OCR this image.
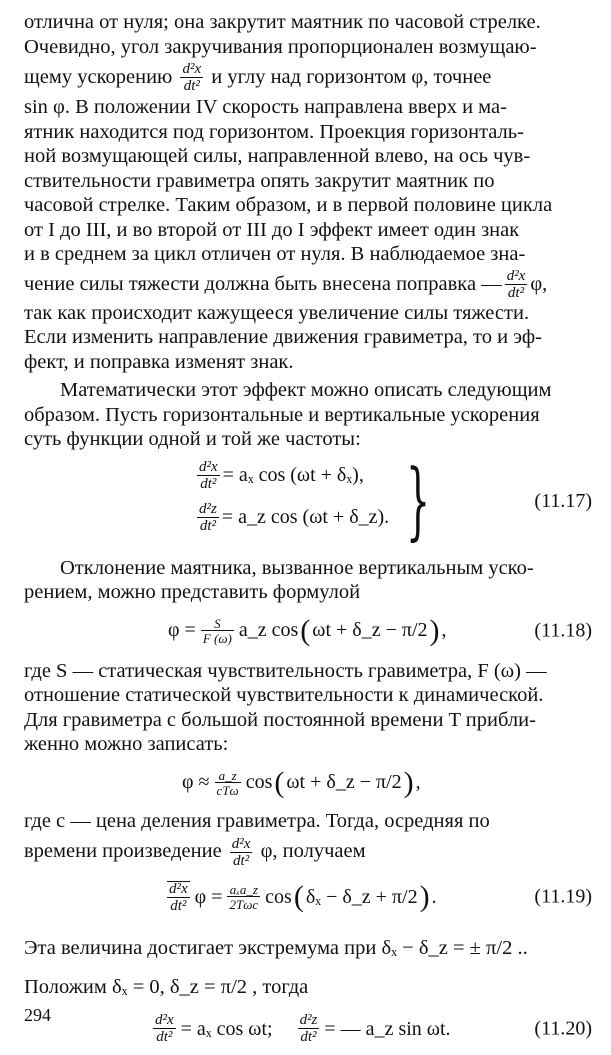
отлична от нуля; она закрутит маятник по часовой стрелке.

Очевидно, угол закручивания пропорционален возмущаю-

щему ускорению $\frac{\text{d²x}}{\text{dt²}}$ и углу над горизонтом φ, точнее

sin φ. В положении IV скорость направлена вверх и ма-

ятник находится под горизонтом. Проекция горизонталь-

ной возмущающей силы, направленной влево, на ось чув-

ствительности гравиметра опять закрутит маятник по

часовой стрелке. Таким образом, и в первой половине цикла

от I до III, и во второй от III до I эффект имеет один знак

и в среднем за цикл отличен от нуля. В наблюдаемое зна-

чение силы тяжести должна быть внесена поправка — $\frac{\text{d²x}}{\text{dt²}} \varphi$,

так как происходит кажущееся увеличение силы тяжести.

Если изменить направление движения гравиметра, то и эф-

фект, и поправка изменят знак.

Математически этот эффект можно описать следующим

образом. Пусть горизонтальные и вертикальные ускорения

суть функции одной и той же частоты:

$\frac{\text{d²x}}{\text{dt²}} = a_x$ cos (ωt + δₓ),
$\frac{\text{d²z}}{\text{dt²}}$ = a_z cos (ωt + δ_z). }	(11.17)

Отклонение маятника, вызванное вертикальным уско-

рением, можно представить формулой

$\varphi = \frac{S}{F (\omega)}$ a_z cos ( ωt + δ_z − π/2 ) ,	(11.18)

где S — статическая чувствительность гравиметра, F (ω) —

отношение статической чувствительности к динамической.

Для гравиметра с большой постоянной времени T прибли-

женно можно записать:

$\varphi \approx \frac{a\_z}{\text{cTω}}$ cos ( ωt + δ_z − π/2 ) ,

где c — цена деления гравиметра. Тогда, осредняя по

времени произведение $\frac{\text{d²x}}{\text{dt²}} \varphi$, получаем

$\frac{\text{d²x}}{\text{dt²}}$ $\varphi = \frac{\text{aₓa\_z}}{\text{2Tωc}}$ cos ( δₓ − δ_z + π/2 ) .	(11.19)

Эта величина достигает экстремума при δₓ − δ_z = ± π/2 ..

Положим δₓ = 0, δ_z = π/2 , тогда

$\frac{\text{d²x}}{\text{dt²}} = a_x$ cos ωt; $\frac{\text{d²z}}{\text{dt²}}$ = — a_z sin ωt.	(11.20)
294
